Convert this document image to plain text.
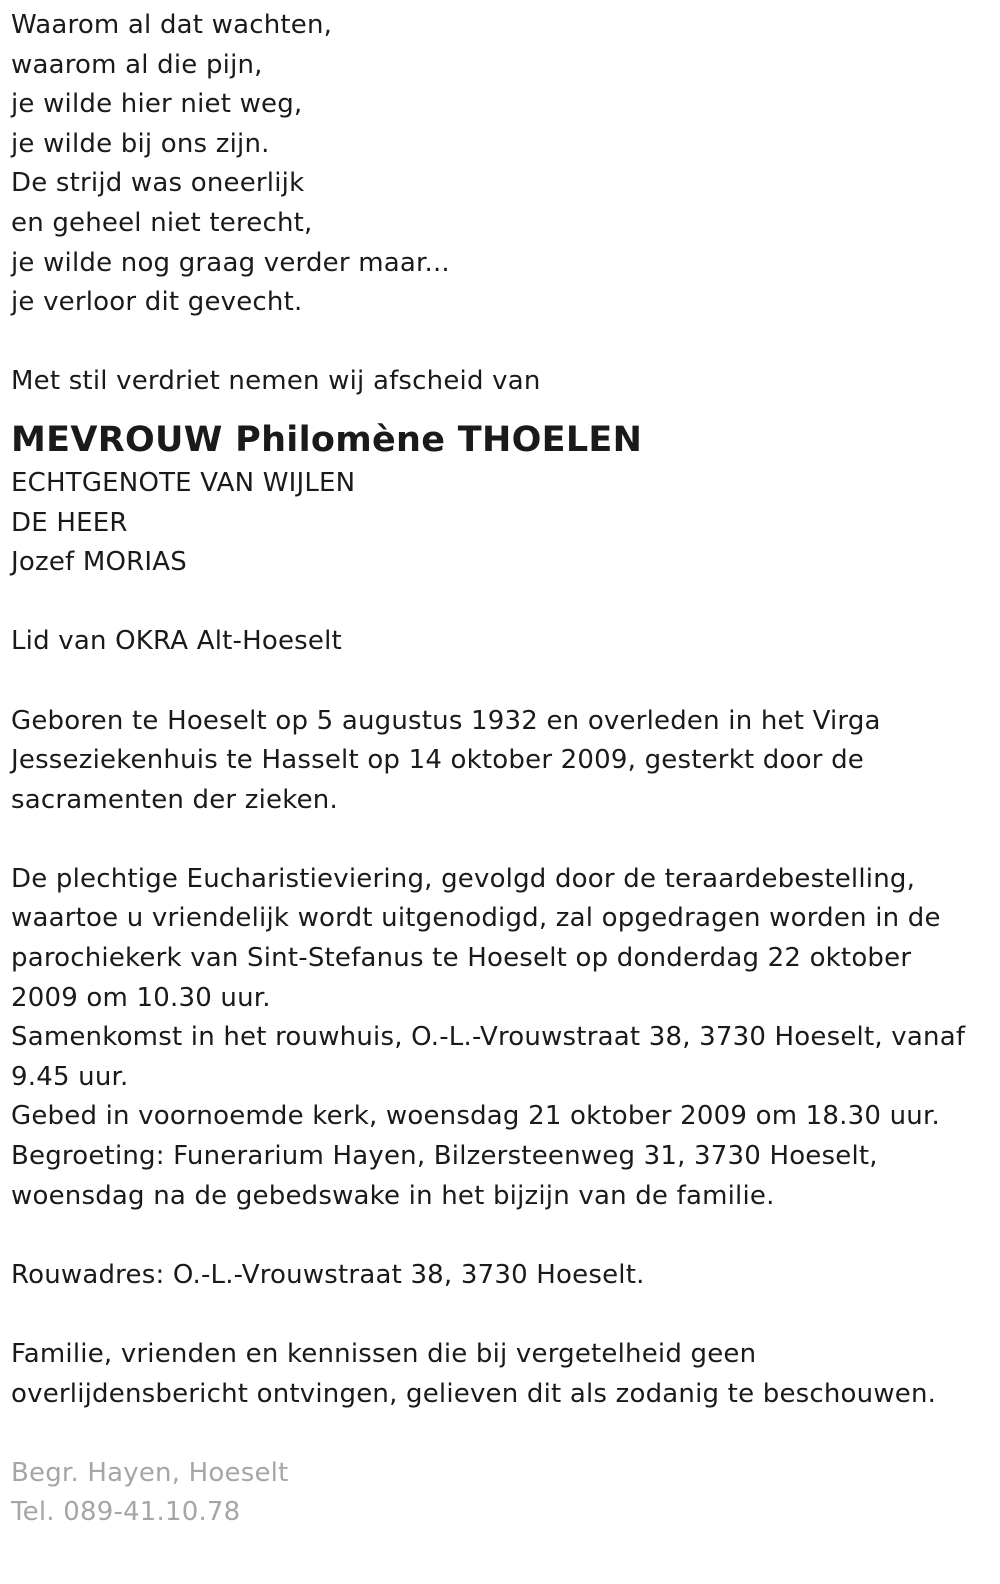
Waarom al dat wachten,
waarom al die pijn,
je wilde hier niet weg,
je wilde bij ons zijn.
De strijd was oneerlijk
en geheel niet terecht,
je wilde nog graag verder maar...
je verloor dit gevecht.
Met stil verdriet nemen wij afscheid van
MEVROUW Philomène THOELEN
ECHTGENOTE VAN WIJLEN
DE HEER
Jozef MORIAS
Lid van OKRA Alt-Hoeselt
Geboren te Hoeselt op 5 augustus 1932 en overleden in het Virga
Jesseziekenhuis te Hasselt op 14 oktober 2009, gesterkt door de
sacramenten der zieken.
De plechtige Eucharistieviering, gevolgd door de teraardebestelling,
waartoe u vriendelijk wordt uitgenodigd, zal opgedragen worden in de
parochiekerk van Sint-Stefanus te Hoeselt op donderdag 22 oktober
2009 om 10.30 uur.
Samenkomst in het rouwhuis, O.-L.-Vrouwstraat 38, 3730 Hoeselt, vanaf
9.45 uur.
Gebed in voornoemde kerk, woensdag 21 oktober 2009 om 18.30 uur.
Begroeting: Funerarium Hayen, Bilzersteenweg 31, 3730 Hoeselt,
woensdag na de gebedswake in het bijzijn van de familie.
Rouwadres: O.-L.-Vrouwstraat 38, 3730 Hoeselt.
Familie, vrienden en kennissen die bij vergetelheid geen
overlijdensbericht ontvingen, gelieven dit als zodanig te beschouwen.
Begr. Hayen, Hoeselt
Tel. 089-41.10.78
